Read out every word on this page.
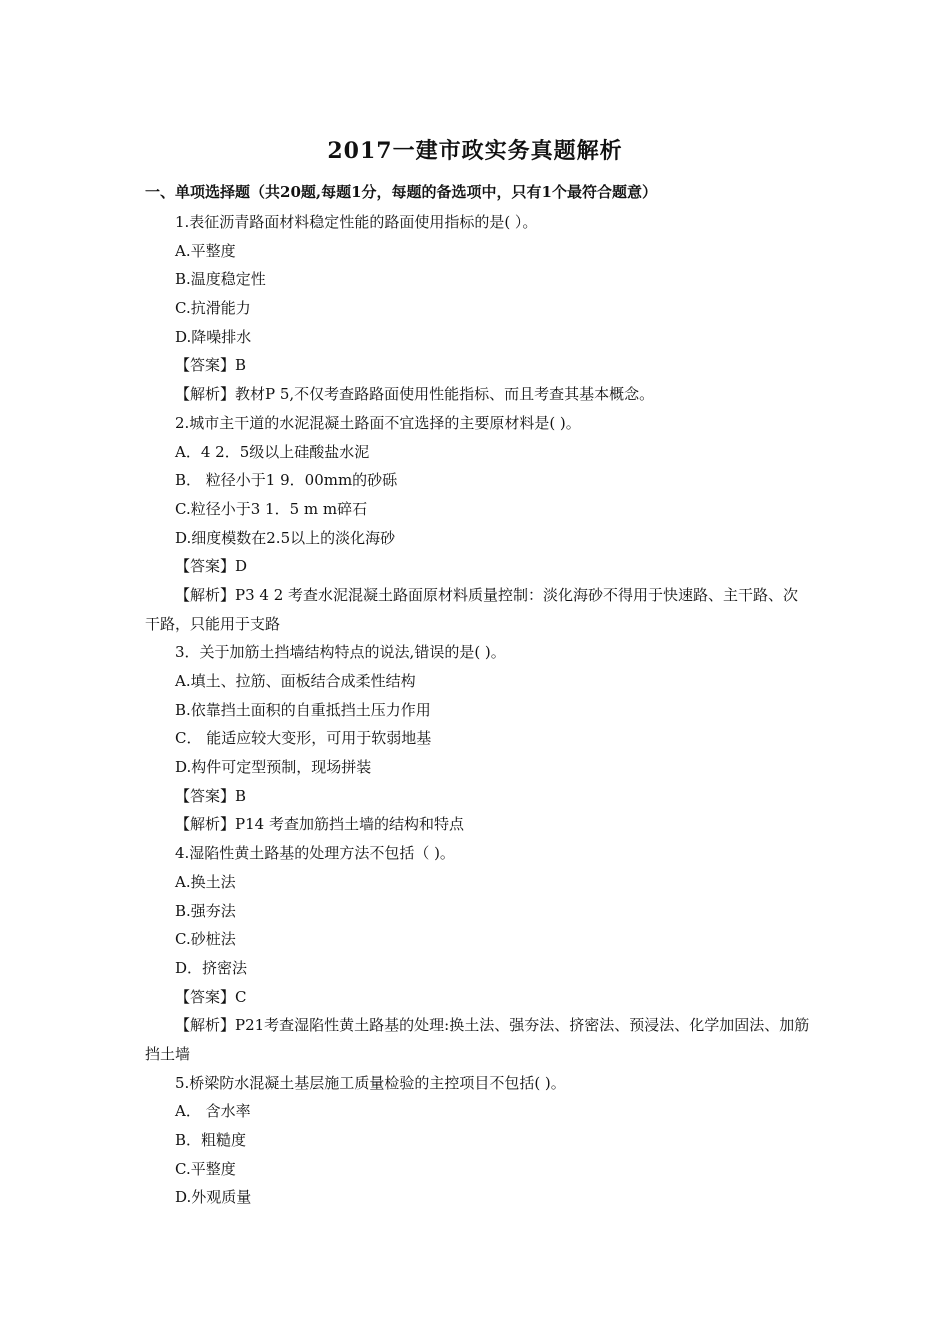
2017一建市政实务真题解析
一、单项选择题（共20题,每题1分，每题的备选项中，只有1个最符合题意）

1.表征沥青路面材料稳定性能的路面使用指标的是( ）。

A.平整度

B.温度稳定性

C.抗滑能力

D.降噪排水

【答案】B

【解析】教材P 5,不仅考查路路面使用性能指标、而且考查其基本概念。

2.城市主干道的水泥混凝土路面不宜选择的主要原材料是( )。

A．4 2．5级以上硅酸盐水泥

B． 粒径小于1 9．00mm的砂砾

C.粒径小于3 1．5 m m碎石

D.细度模数在2.5以上的淡化海砂

【答案】D

【解析】P3 4 2 考查水泥混凝土路面原材料质量控制：淡化海砂不得用于快速路、主干路、次干路，只能用于支路

3．关于加筋土挡墙结构特点的说法,错误的是( )。

A.填土、拉筋、面板结合成柔性结构

B.依靠挡土面积的自重抵挡土压力作用

C． 能适应较大变形，可用于软弱地基

D.构件可定型预制，现场拼装

【答案】B

【解析】P14 考查加筋挡土墙的结构和特点

4.湿陷性黄土路基的处理方法不包括（ )。

A.换土法

B.强夯法

C.砂桩法

D．挤密法

【答案】C

【解析】P21考查湿陷性黄土路基的处理:换土法、强夯法、挤密法、预浸法、化学加固法、加筋挡土墙

5.桥梁防水混凝土基层施工质量检验的主控项目不包括( )。

A． 含水率

B．粗糙度

C.平整度

D.外观质量
